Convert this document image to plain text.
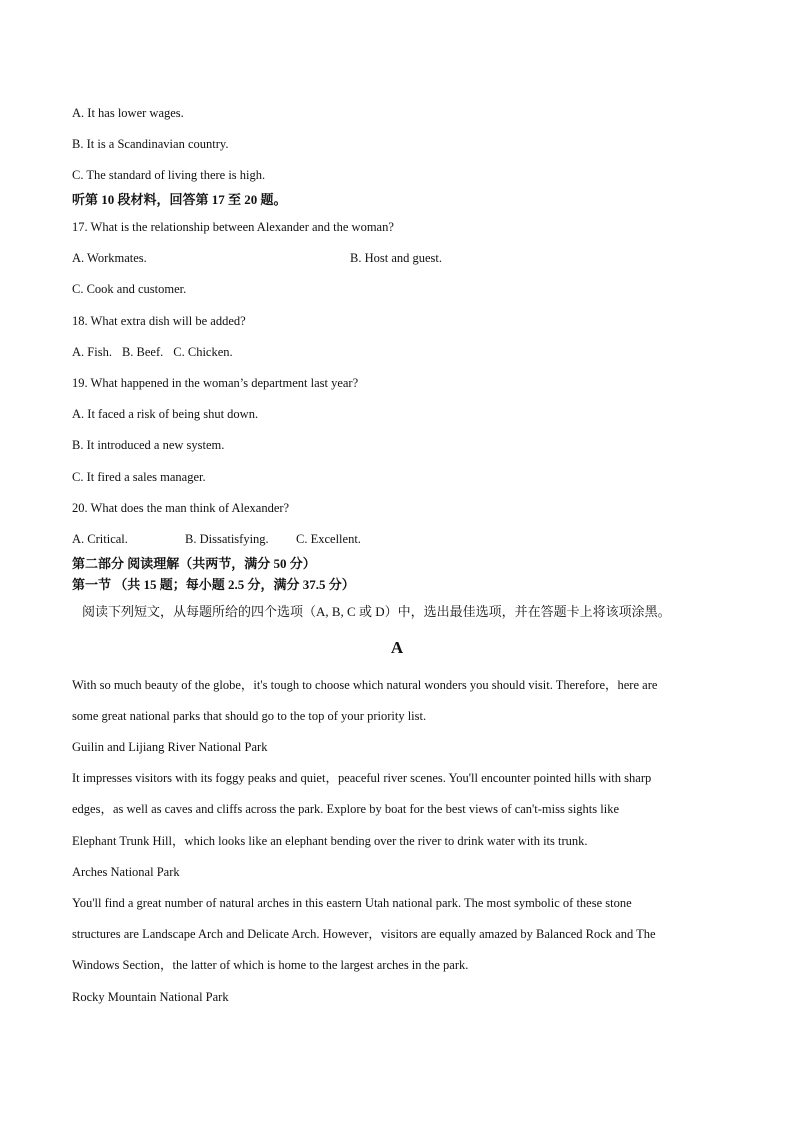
A. It has lower wages.
B. It is a Scandinavian country.
C. The standard of living there is high.
听第 10 段材料，回答第 17 至 20 题。
17. What is the relationship between Alexander and the woman?
A. Workmates.	B. Host and guest.
C. Cook and customer.
18. What extra dish will be added?
A. Fish. B. Beef. C. Chicken.
19. What happened in the woman’s department last year?
A. It faced a risk of being shut down.
B. It introduced a new system.
C. It fired a sales manager.
20. What does the man think of Alexander?
A. Critical.	B. Dissatisfying. C. Excellent.
第二部分 阅读理解（共两节，满分 50 分）
第一节 （共 15 题；每小题 2.5 分，满分 37.5 分）
阅读下列短文，从每题所给的四个选项（A, B, C 或 D）中，选出最佳选项，并在答题卡上将该项涂黑。
A
With so much beauty of the globe，it's tough to choose which natural wonders you should visit. Therefore，here are
some great national parks that should go to the top of your priority list.
Guilin and Lijiang River National Park
It impresses visitors with its foggy peaks and quiet，peaceful river scenes. You'll encounter pointed hills with sharp
edges，as well as caves and cliffs across the park. Explore by boat for the best views of can't-miss sights like
Elephant Trunk Hill，which looks like an elephant bending over the river to drink water with its trunk.
Arches National Park
You'll find a great number of natural arches in this eastern Utah national park. The most symbolic of these stone
structures are Landscape Arch and Delicate Arch. However，visitors are equally amazed by Balanced Rock and The
Windows Section，the latter of which is home to the largest arches in the park.
Rocky Mountain National Park
